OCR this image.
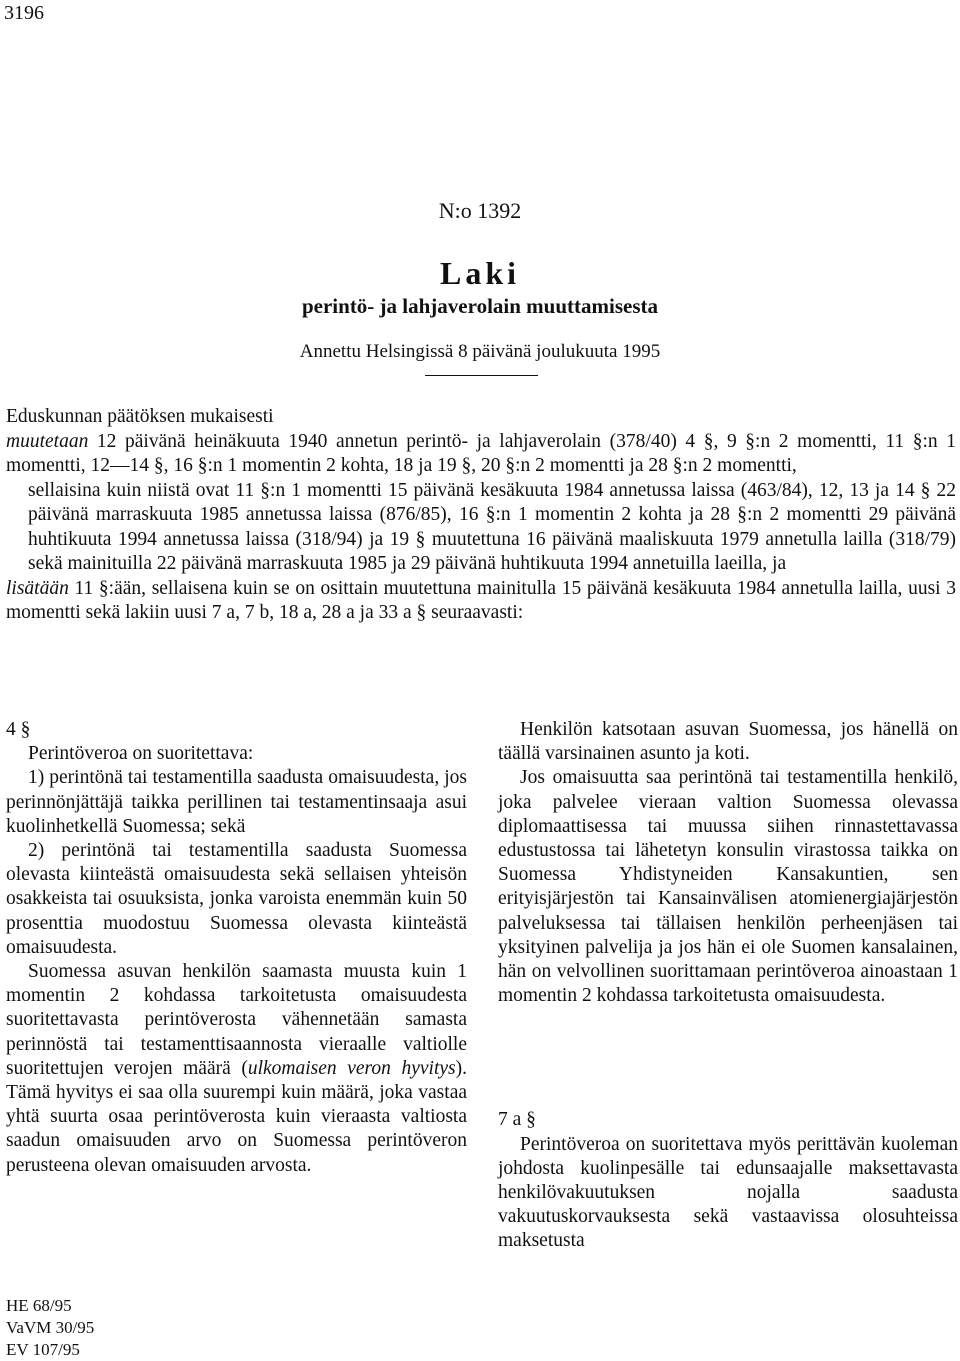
3196
N:o 1392
Laki
perintö- ja lahjaverolain muuttamisesta
Annettu Helsingissä 8 päivänä joulukuuta 1995

Eduskunnan päätöksen mukaisesti

muutetaan 12 päivänä heinäkuuta 1940 annetun perintö- ja lahjaverolain (378/40) 4 §, 9 §:n 2 momentti, 11 §:n 1 momentti, 12—14 §, 16 §:n 1 momentin 2 kohta, 18 ja 19 §, 20 §:n 2 momentti ja 28 §:n 2 momentti,

sellaisina kuin niistä ovat 11 §:n 1 momentti 15 päivänä kesäkuuta 1984 annetussa laissa (463/84), 12, 13 ja 14 § 22 päivänä marraskuuta 1985 annetussa laissa (876/85), 16 §:n 1 momentin 2 kohta ja 28 §:n 2 momentti 29 päivänä huhtikuuta 1994 annetussa laissa (318/94) ja 19 § muutettuna 16 päivänä maaliskuuta 1979 annetulla lailla (318/79) sekä mainituilla 22 päivänä marraskuuta 1985 ja 29 päivänä huhtikuuta 1994 annetuilla laeilla, ja

lisätään 11 §:ään, sellaisena kuin se on osittain muutettuna mainitulla 15 päivänä kesäkuuta 1984 annetulla lailla, uusi 3 momentti sekä lakiin uusi 7 a, 7 b, 18 a, 28 a ja 33 a § seuraavasti:

4 §

Perintöveroa on suoritettava:

1) perintönä tai testamentilla saadusta omaisuudesta, jos perinnönjättäjä taikka perillinen tai testamentinsaaja asui kuolinhetkellä Suomessa; sekä

2) perintönä tai testamentilla saadusta Suomessa olevasta kiinteästä omaisuudesta sekä sellaisen yhteisön osakkeista tai osuuksista, jonka varoista enemmän kuin 50 prosenttia muodostuu Suomessa olevasta kiinteästä omaisuudesta.

Suomessa asuvan henkilön saamasta muusta kuin 1 momentin 2 kohdassa tarkoitetusta omaisuudesta suoritettavasta perintöverosta vähennetään samasta perinnöstä tai testamenttisaannosta vieraalle valtiolle suoritettujen verojen määrä (ulkomaisen veron hyvitys). Tämä hyvitys ei saa olla suurempi kuin määrä, joka vastaa yhtä suurta osaa perintöverosta kuin vieraasta valtiosta saadun omaisuuden arvo on Suomessa perintöveron perusteena olevan omaisuuden arvosta.

Henkilön katsotaan asuvan Suomessa, jos hänellä on täällä varsinainen asunto ja koti.

Jos omaisuutta saa perintönä tai testamentilla henkilö, joka palvelee vieraan valtion Suomessa olevassa diplomaattisessa tai muussa siihen rinnastettavassa edustustossa tai lähetetyn konsulin virastossa taikka on Suomessa Yhdistyneiden Kansakuntien, sen erityisjärjestön tai Kansainvälisen atomienergiajärjestön palveluksessa tai tällaisen henkilön perheenjäsen tai yksityinen palvelija ja jos hän ei ole Suomen kansalainen, hän on velvollinen suorittamaan perintöveroa ainoastaan 1 momentin 2 kohdassa tarkoitetusta omaisuudesta.

7 a §

Perintöveroa on suoritettava myös perittävän kuoleman johdosta kuolinpesälle tai edunsaajalle maksettavasta henkilövakuutuksen nojalla saadusta vakuutuskorvauksesta sekä vastaavissa olosuhteissa maksetusta

HE 68/95
VaVM 30/95
EV 107/95
